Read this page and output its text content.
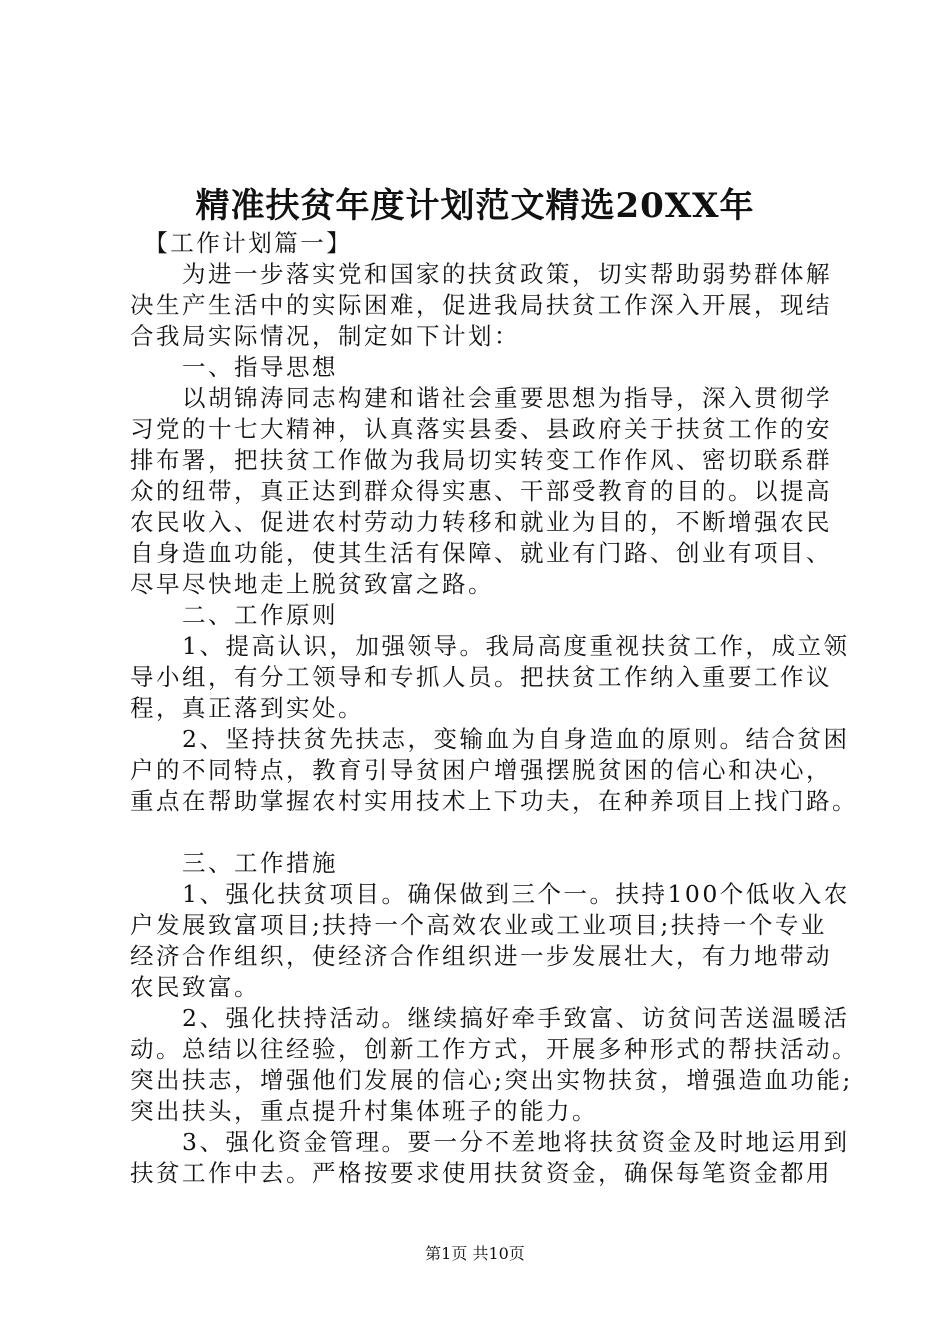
精准扶贫年度计划范文精选20XX年
　【工作计划篇一】
　　为进一步落实党和国家的扶贫政策，切实帮助弱势群体解
决生产生活中的实际困难，促进我局扶贫工作深入开展，现结
合我局实际情况，制定如下计划：
　　一、指导思想
　　以胡锦涛同志构建和谐社会重要思想为指导，深入贯彻学
习党的十七大精神，认真落实县委、县政府关于扶贫工作的安
排布署，把扶贫工作做为我局切实转变工作作风、密切联系群
众的纽带，真正达到群众得实惠、干部受教育的目的。以提高
农民收入、促进农村劳动力转移和就业为目的，不断增强农民
自身造血功能，使其生活有保障、就业有门路、创业有项目、
尽早尽快地走上脱贫致富之路。
　　二、工作原则
　　1、提高认识，加强领导。我局高度重视扶贫工作，成立领
导小组，有分工领导和专抓人员。把扶贫工作纳入重要工作议
程，真正落到实处。
　　2、坚持扶贫先扶志，变输血为自身造血的原则。结合贫困
户的不同特点，教育引导贫困户增强摆脱贫困的信心和决心，
重点在帮助掌握农村实用技术上下功夫，在种养项目上找门路。
　　三、工作措施
　　1、强化扶贫项目。确保做到三个一。扶持100个低收入农
户发展致富项目;扶持一个高效农业或工业项目;扶持一个专业
经济合作组织，使经济合作组织进一步发展壮大，有力地带动
农民致富。
　　2、强化扶持活动。继续搞好牵手致富、访贫问苦送温暖活
动。总结以往经验，创新工作方式，开展多种形式的帮扶活动。
突出扶志，增强他们发展的信心;突出实物扶贫，增强造血功能;
突出扶头，重点提升村集体班子的能力。
　　3、强化资金管理。要一分不差地将扶贫资金及时地运用到
扶贫工作中去。严格按要求使用扶贫资金，确保每笔资金都用
第1页 共10页
